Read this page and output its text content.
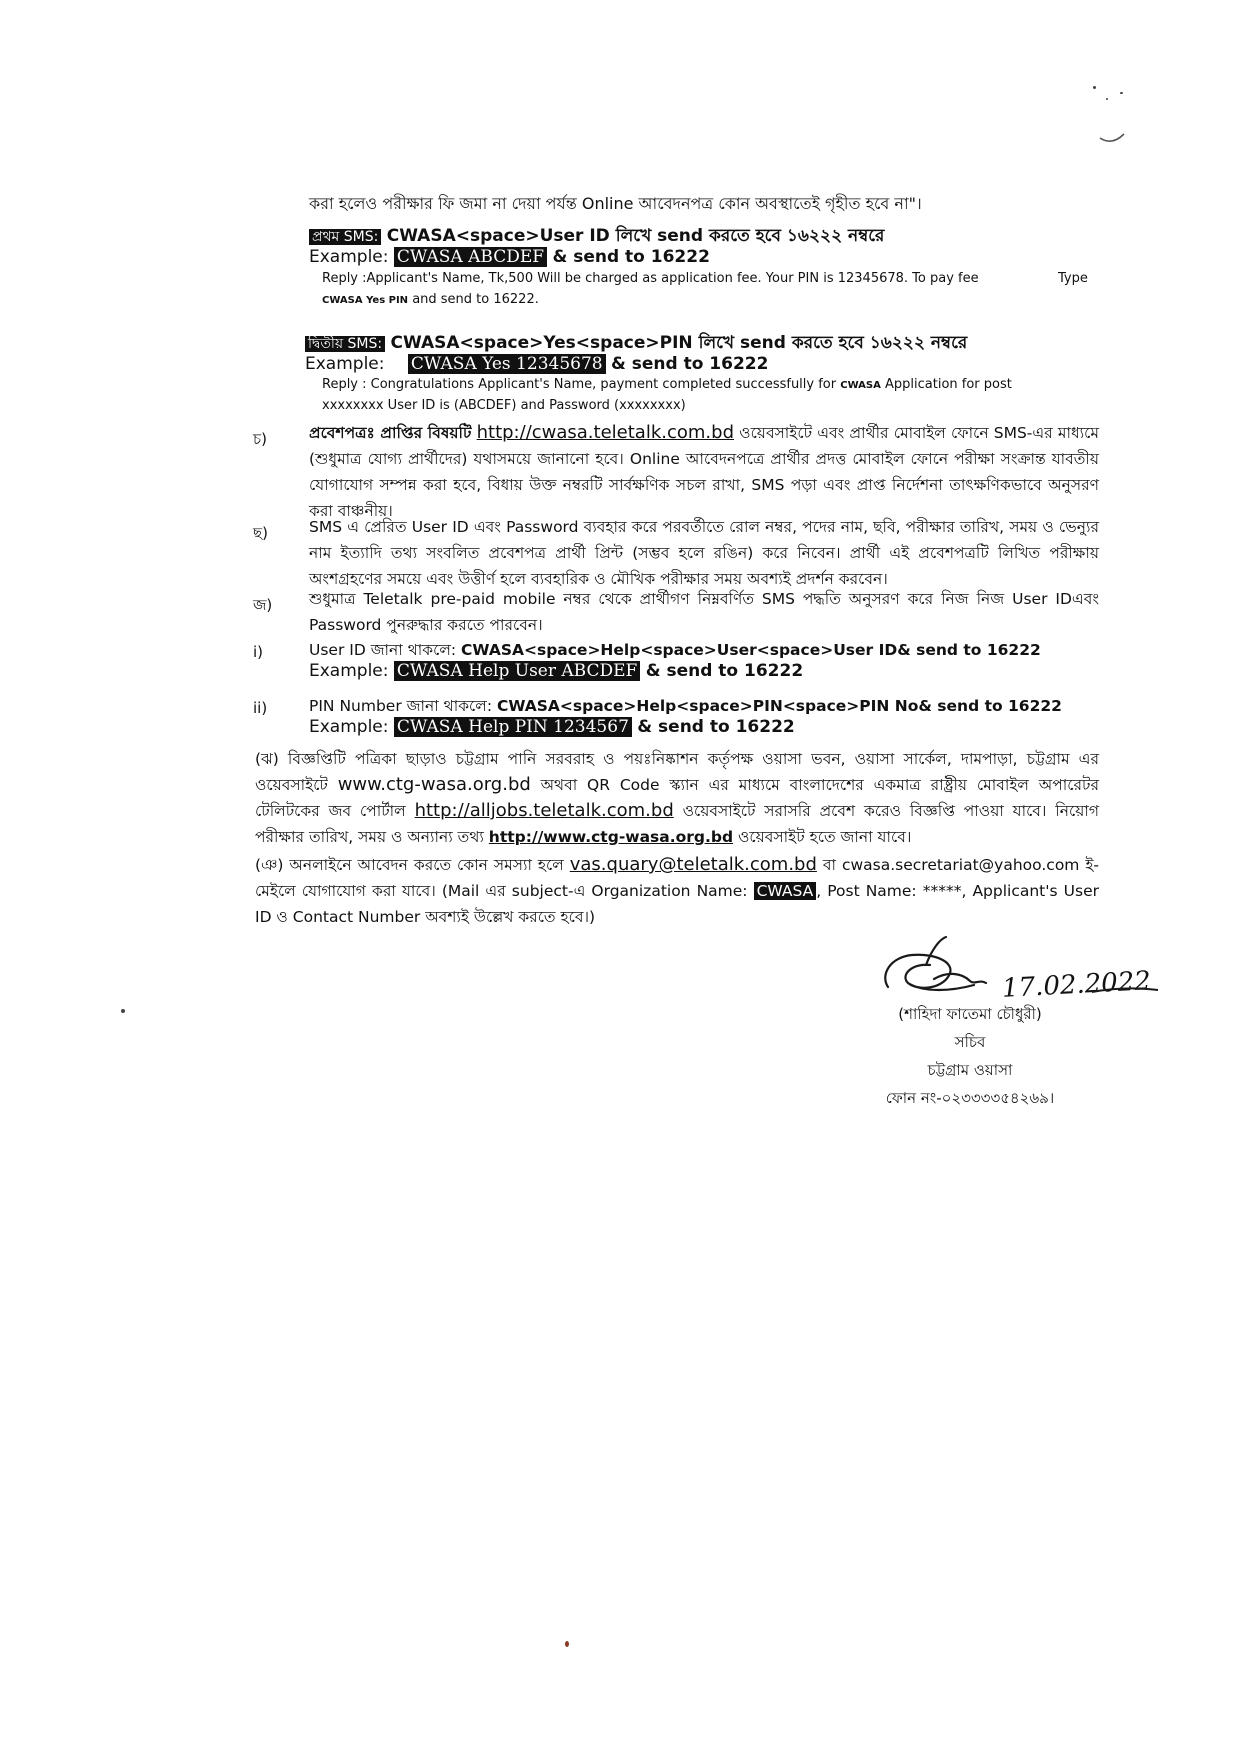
করা হলেও পরীক্ষার ফি জমা না দেয়া পর্যন্ত Online আবেদনপত্র কোন অবস্থাতেই গৃহীত হবে না"।
প্রথম SMS: CWASA<space>User ID লিখে send করতে হবে ১৬২২২ নম্বরে
Example: CWASA ABCDEF & send to 16222
Reply :Applicant's Name, Tk,500 Will be charged as application fee. Your PIN is 12345678. To pay fee	Type
CWASA Yes PIN and send to 16222.
দ্বিতীয় SMS: CWASA<space>Yes<space>PIN লিখে send করতে হবে ১৬২২২ নম্বরে
Example: CWASA Yes 12345678 & send to 16222
Reply : Congratulations Applicant's Name, payment completed successfully for CWASA Application for post
xxxxxxxx User ID is (ABCDEF) and Password (xxxxxxxx)
চ)	প্রবেশপত্রঃ প্রাপ্তির বিষয়টি http://cwasa.teletalk.com.bd ওয়েবসাইটে এবং প্রার্থীর মোবাইল ফোনে SMS-এর মাধ্যমে (শুধুমাত্র যোগ্য প্রার্থীদের) যথাসময়ে জানানো হবে। Online আবেদনপত্রে প্রার্থীর প্রদত্ত মোবাইল ফোনে পরীক্ষা সংক্রান্ত যাবতীয় যোগাযোগ সম্পন্ন করা হবে, বিধায় উক্ত নম্বরটি সার্বক্ষণিক সচল রাখা, SMS পড়া এবং প্রাপ্ত নির্দেশনা তাৎক্ষণিকভাবে অনুসরণ করা বাঞ্চনীয়।
ছ)	SMS এ প্রেরিত User ID এবং Password ব্যবহার করে পরবর্তীতে রোল নম্বর, পদের নাম, ছবি, পরীক্ষার তারিখ, সময় ও ভেন্যুর নাম ইত্যাদি তথ্য সংবলিত প্রবেশপত্র প্রার্থী প্রিন্ট (সম্ভব হলে রঙিন) করে নিবেন। প্রার্থী এই প্রবেশপত্রটি লিখিত পরীক্ষায় অংশগ্রহণের সময়ে এবং উত্তীর্ণ হলে ব্যবহারিক ও মৌখিক পরীক্ষার সময় অবশ্যই প্রদর্শন করবেন।
জ) শুধুমাত্র Teletalk pre-paid mobile নম্বর থেকে প্রার্থীগণ নিম্নবর্ণিত SMS পদ্ধতি অনুসরণ করে নিজ নিজ User IDএবং Password পুনরুদ্ধার করতে পারবেন।
i)	User ID জানা থাকলে: CWASA<space>Help<space>User<space>User ID& send to 16222
Example: CWASA Help User ABCDEF & send to 16222
ii)	PIN Number জানা থাকলে: CWASA<space>Help<space>PIN<space>PIN No& send to 16222
Example: CWASA Help PIN 1234567 & send to 16222
(ঝ) বিজ্ঞপ্তিটি পত্রিকা ছাড়াও চট্টগ্রাম পানি সরবরাহ ও পয়ঃনিষ্কাশন কর্তৃপক্ষ ওয়াসা ভবন, ওয়াসা সার্কেল, দামপাড়া, চট্টগ্রাম এর ওয়েবসাইটে www.ctg-wasa.org.bd অথবা QR Code স্ক্যান এর মাধ্যমে বাংলাদেশের একমাত্র রাষ্ট্রীয় মোবাইল অপারেটর টেলিটকের জব পোর্টাল http://alljobs.teletalk.com.bd ওয়েবসাইটে সরাসরি প্রবেশ করেও বিজ্ঞপ্তি পাওয়া যাবে। নিয়োগ পরীক্ষার তারিখ, সময় ও অন্যান্য তথ্য http://www.ctg-wasa.org.bd ওয়েবসাইট হতে জানা যাবে।
(ঞ) অনলাইনে আবেদন করতে কোন সমস্যা হলে vas.quary@teletalk.com.bd বা cwasa.secretariat@yahoo.com ই-মেইলে যোগাযোগ করা যাবে। (Mail এর subject-এ Organization Name: CWASA , Post Name: *****, Applicant's User ID ও Contact Number অবশ্যই উল্লেখ করতে হবে।)
17.02.2022
(শাহিদা ফাতেমা চৌধুরী)
সচিব
চট্টগ্রাম ওয়াসা
ফোন নং-০২৩৩৩৩৫৪২৬৯।
